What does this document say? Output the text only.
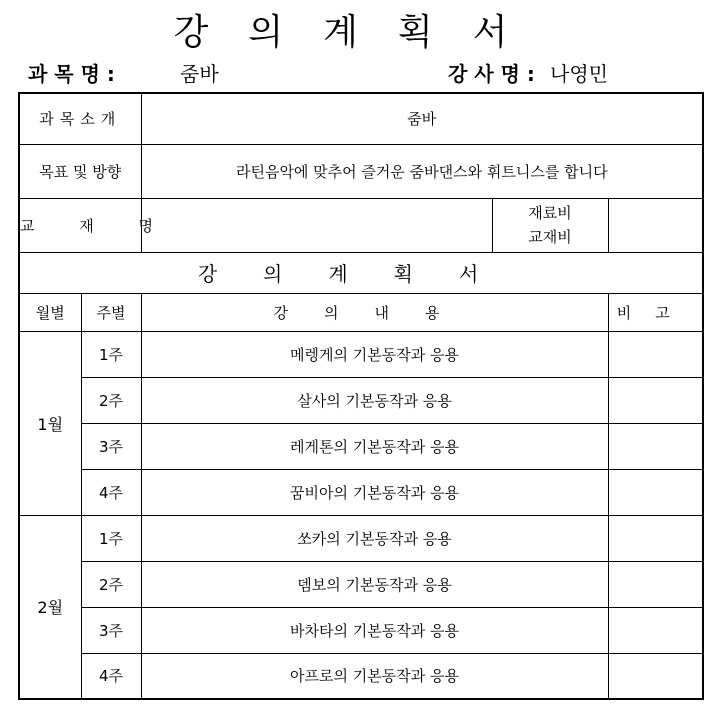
강의계획서
과 목 명 :	줌바	강 사 명 : 나영민
과목소개		줌바		
목표 및 방향		라틴음악에 맞추어 즐거운 줌바댄스와 휘트니스를 합니다		
교 재 명			재료비
교재비	

강의계획서				
월별	주별	강의내용		비고
1월	1주	메렝게의 기본동작과 응용		
	2주	살사의 기본동작과 응용		
	3주	레게톤의 기본동작과 응용		
	4주	꿈비아의 기본동작과 응용		
2월	1주	쏘카의 기본동작과 응용		
	2주	뎀보의 기본동작과 응용		
	3주	바차타의 기본동작과 응용		
	4주	아프로의 기본동작과 응용		
